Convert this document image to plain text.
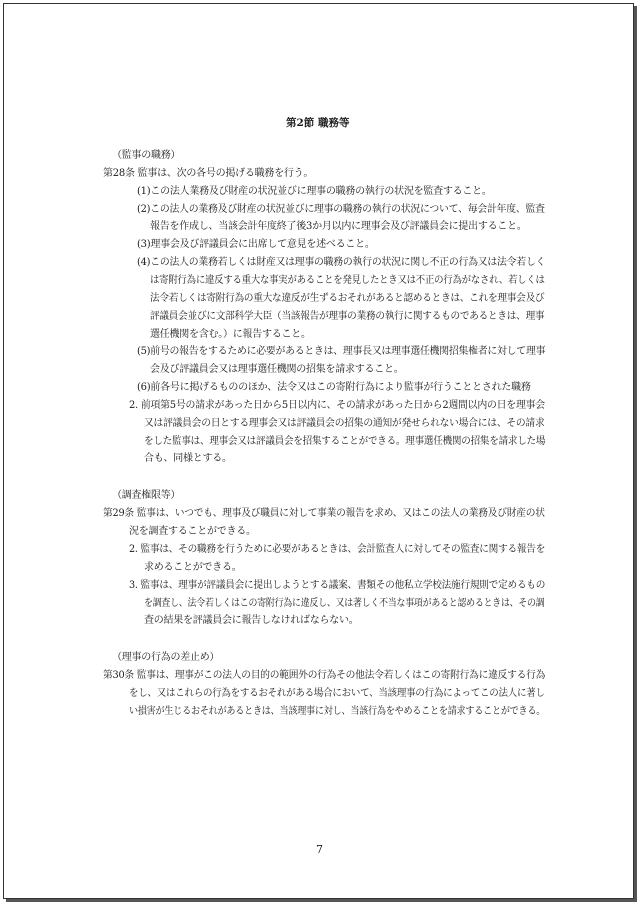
第2節 職務等
（監事の職務）
第28条 監事は、次の各号の掲げる職務を行う。
(1)この法人業務及び財産の状況並びに理事の職務の執行の状況を監査すること。
(2)この法人の業務及び財産の状況並びに理事の職務の執行の状況について、毎会計年度、監査
報告を作成し、当該会計年度終了後3か月以内に理事会及び評議員会に提出すること。
(3)理事会及び評議員会に出席して意見を述べること。
(4)この法人の業務若しくは財産又は理事の職務の執行の状況に関し不正の行為又は法令若しく
は寄附行為に違反する重大な事実があることを発見したとき又は不正の行為がなされ、若しくは
法令若しくは寄附行為の重大な違反が生ずるおそれがあると認めるときは、これを理事会及び
評議員会並びに文部科学大臣（当該報告が理事の業務の執行に関するものであるときは、理事
選任機関を含む。）に報告すること。
(5)前号の報告をするために必要があるときは、理事長又は理事選任機関招集権者に対して理事
会及び評議員会又は理事選任機関の招集を請求すること。
(6)前各号に掲げるもののほか、法令又はこの寄附行為により監事が行うこととされた職務
2. 前項第5号の請求があった日から5日以内に、その請求があった日から2週間以内の日を理事会
又は評議員会の日とする理事会又は評議員会の招集の通知が発せられない場合には、その請求
をした監事は、理事会又は評議員会を招集することができる。理事選任機関の招集を請求した場
合も、同様とする。
（調査権限等）
第29条 監事は、いつでも、理事及び職員に対して事業の報告を求め、又はこの法人の業務及び財産の状
況を調査することができる。
2. 監事は、その職務を行うために必要があるときは、会計監査人に対してその監査に関する報告を
求めることができる。
3. 監事は、理事が評議員会に提出しようとする議案、書類その他私立学校法施行規則で定めるもの
を調査し、法令若しくはこの寄附行為に違反し、又は著しく不当な事項があると認めるときは、その調
査の結果を評議員会に報告しなければならない。
（理事の行為の差止め）
第30条 監事は、理事がこの法人の目的の範囲外の行為その他法令若しくはこの寄附行為に違反する行為
をし、又はこれらの行為をするおそれがある場合において、当該理事の行為によってこの法人に著し
い損害が生じるおそれがあるときは、当該理事に対し、当該行為をやめることを請求することができる。
7
